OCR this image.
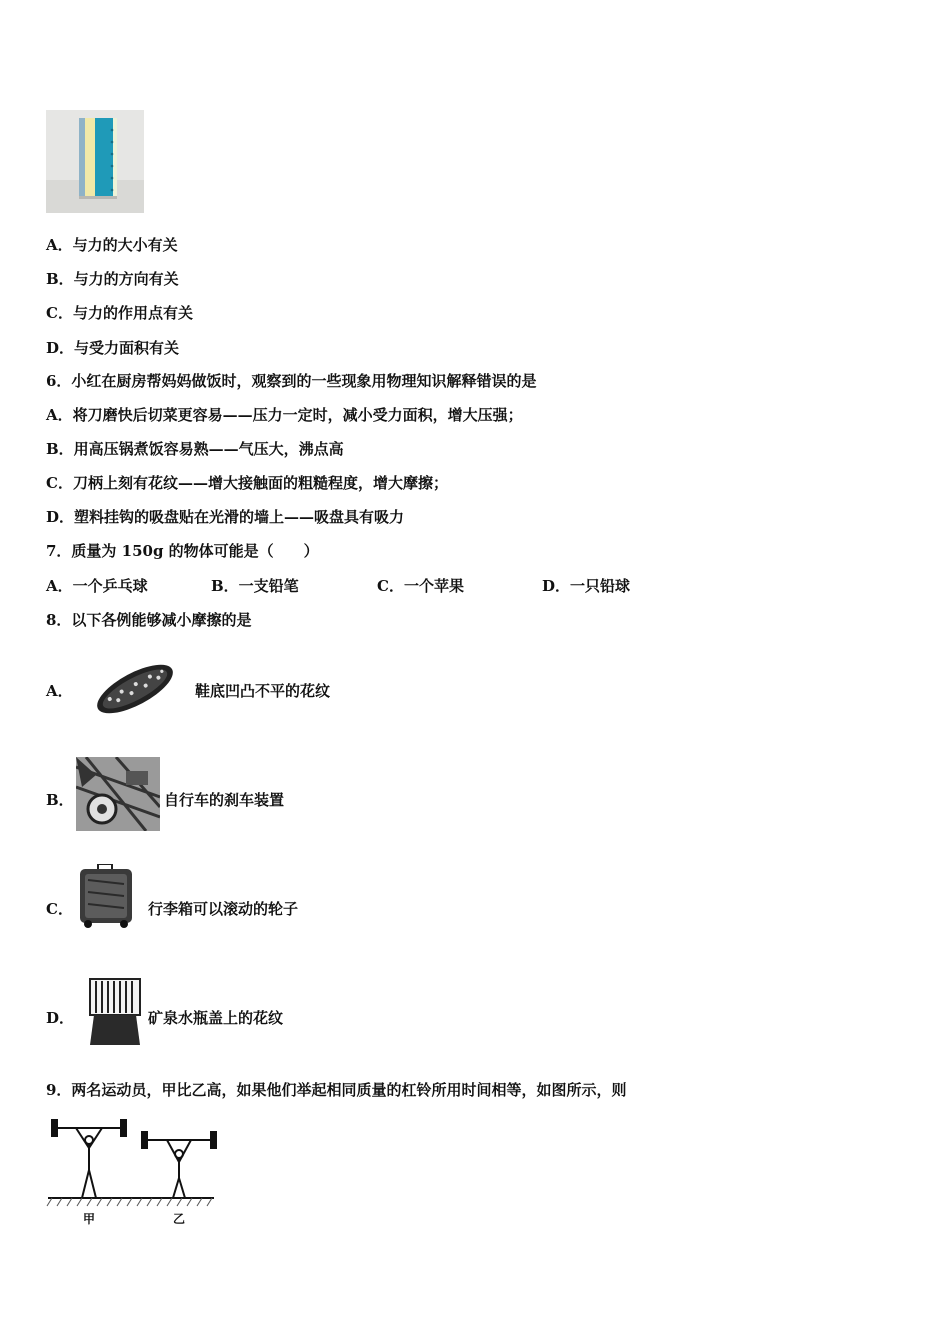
A．与力的大小有关
B．与力的方向有关
C．与力的作用点有关
D．与受力面积有关
6．小红在厨房帮妈妈做饭时，观察到的一些现象用物理知识解释错误的是
A．将刀磨快后切菜更容易——压力一定时，减小受力面积，增大压强；
B．用高压锅煮饭容易熟——气压大，沸点高
C．刀柄上刻有花纹——增大接触面的粗糙程度，增大摩擦；
D．塑料挂钩的吸盘贴在光滑的墙上——吸盘具有吸力
7．质量为 150g 的物体可能是（　　）
A．一个乒乓球	B．一支铅笔	C．一个苹果	D．一只铅球
8．以下各例能够减小摩擦的是
A．	鞋底凹凸不平的花纹
B．	自行车的刹车装置
C．	行李箱可以滚动的轮子
D．	矿泉水瓶盖上的花纹
9．两名运动员，甲比乙高，如果他们举起相同质量的杠铃所用时间相等，如图所示，则
甲	乙
